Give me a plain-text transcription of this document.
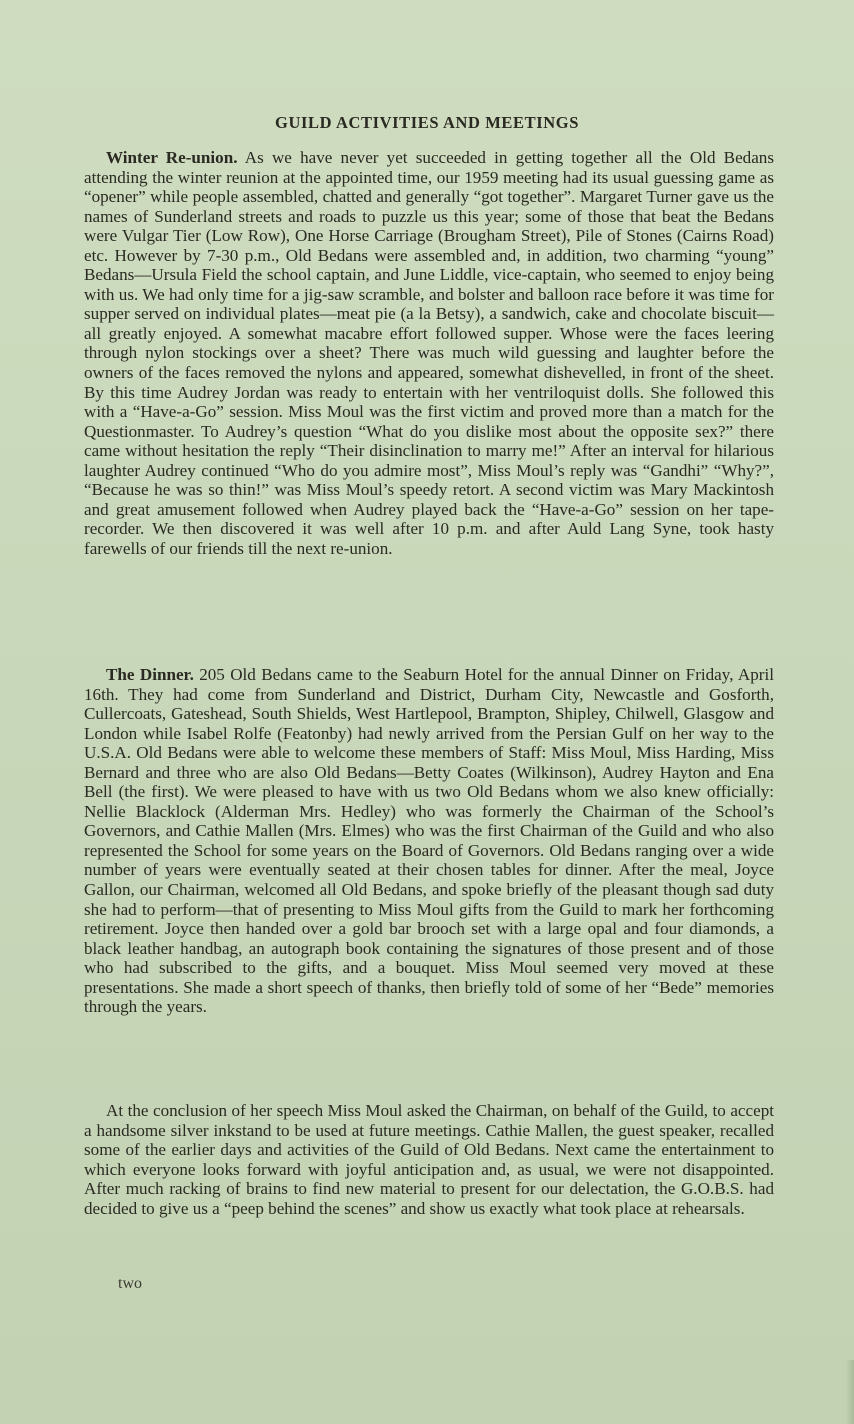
GUILD ACTIVITIES AND MEETINGS

Winter Re-union. As we have never yet succeeded in getting together all the Old Bedans attending the winter reunion at the appointed time, our 1959 meeting had its usual guessing game as “opener” while people assembled, chatted and generally “got together”. Margaret Turner gave us the names of Sunderland streets and roads to puzzle us this year; some of those that beat the Bedans were Vulgar Tier (Low Row), One Horse Carriage (Brougham Street), Pile of Stones (Cairns Road) etc. However by 7-30 p.m., Old Bedans were assembled and, in addition, two charming “young” Bedans—Ursula Field the school captain, and June Liddle, vice-captain, who seemed to enjoy being with us. We had only time for a jig-saw scramble, and bolster and balloon race before it was time for supper served on individual plates—meat pie (a la Betsy), a sandwich, cake and chocolate biscuit—all greatly enjoyed. A somewhat macabre effort followed supper. Whose were the faces leering through nylon stockings over a sheet? There was much wild guessing and laughter before the owners of the faces removed the nylons and appeared, somewhat dishevelled, in front of the sheet. By this time Audrey Jordan was ready to entertain with her ventriloquist dolls. She followed this with a “Have-a-Go” session. Miss Moul was the first victim and proved more than a match for the Questionmaster. To Audrey’s question “What do you dislike most about the opposite sex?” there came without hesitation the reply “Their disinclination to marry me!” After an interval for hilarious laughter Audrey continued “Who do you admire most”, Miss Moul’s reply was “Gandhi” “Why?”, “Because he was so thin!” was Miss Moul’s speedy retort. A second victim was Mary Mackintosh and great amusement followed when Audrey played back the “Have-a-Go” session on her tape-recorder. We then discovered it was well after 10 p.m. and after Auld Lang Syne, took hasty farewells of our friends till the next re-union.

The Dinner. 205 Old Bedans came to the Seaburn Hotel for the annual Dinner on Friday, April 16th. They had come from Sunderland and District, Durham City, Newcastle and Gosforth, Cullercoats, Gateshead, South Shields, West Hartlepool, Brampton, Shipley, Chilwell, Glasgow and London while Isabel Rolfe (Featonby) had newly arrived from the Persian Gulf on her way to the U.S.A. Old Bedans were able to welcome these members of Staff: Miss Moul, Miss Harding, Miss Bernard and three who are also Old Bedans—Betty Coates (Wilkinson), Audrey Hayton and Ena Bell (the first). We were pleased to have with us two Old Bedans whom we also knew officially: Nellie Blacklock (Alderman Mrs. Hedley) who was formerly the Chairman of the School’s Governors, and Cathie Mallen (Mrs. Elmes) who was the first Chairman of the Guild and who also represented the School for some years on the Board of Governors. Old Bedans ranging over a wide number of years were eventually seated at their chosen tables for dinner. After the meal, Joyce Gallon, our Chairman, welcomed all Old Bedans, and spoke briefly of the pleasant though sad duty she had to perform—that of presenting to Miss Moul gifts from the Guild to mark her forthcoming retirement. Joyce then handed over a gold bar brooch set with a large opal and four diamonds, a black leather handbag, an autograph book containing the signatures of those present and of those who had subscribed to the gifts, and a bouquet. Miss Moul seemed very moved at these presentations. She made a short speech of thanks, then briefly told of some of her “Bede” memories through the years.

At the conclusion of her speech Miss Moul asked the Chairman, on behalf of the Guild, to accept a handsome silver inkstand to be used at future meetings. Cathie Mallen, the guest speaker, recalled some of the earlier days and activities of the Guild of Old Bedans. Next came the entertainment to which everyone looks forward with joyful anticipation and, as usual, we were not disappointed. After much racking of brains to find new material to present for our delectation, the G.O.B.S. had decided to give us a “peep behind the scenes” and show us exactly what took place at rehearsals.

two
